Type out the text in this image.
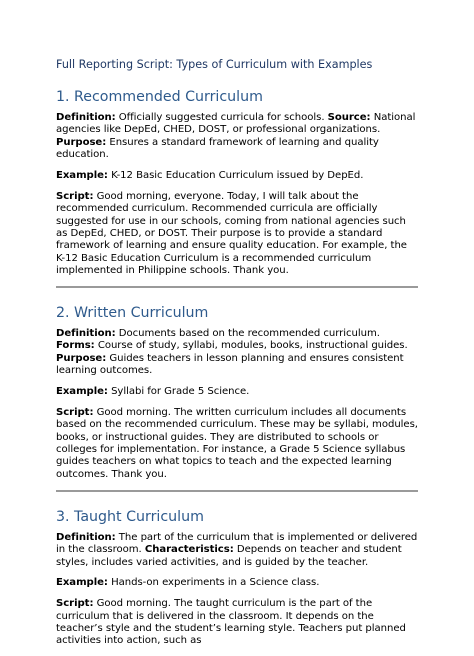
Full Reporting Script: Types of Curriculum with Examples
1. Recommended Curriculum

Definition: Officially suggested curricula for schools. Source: National agencies like DepEd, CHED, DOST, or professional organizations. Purpose: Ensures a standard framework of learning and quality education.

Example: K-12 Basic Education Curriculum issued by DepEd.

Script: Good morning, everyone. Today, I will talk about the recommended curriculum. Recommended curricula are officially suggested for use in our schools, coming from national agencies such as DepEd, CHED, or DOST. Their purpose is to provide a standard framework of learning and ensure quality education. For example, the K-12 Basic Education Curriculum is a recommended curriculum implemented in Philippine schools. Thank you.

2. Written Curriculum

Definition: Documents based on the recommended curriculum. Forms: Course of study, syllabi, modules, books, instructional guides. Purpose: Guides teachers in lesson planning and ensures consistent learning outcomes.

Example: Syllabi for Grade 5 Science.

Script: Good morning. The written curriculum includes all documents based on the recommended curriculum. These may be syllabi, modules, books, or instructional guides. They are distributed to schools or colleges for implementation. For instance, a Grade 5 Science syllabus guides teachers on what topics to teach and the expected learning outcomes. Thank you.

3. Taught Curriculum

Definition: The part of the curriculum that is implemented or delivered in the classroom. Characteristics: Depends on teacher and student styles, includes varied activities, and is guided by the teacher.

Example: Hands-on experiments in a Science class.

Script: Good morning. The taught curriculum is the part of the curriculum that is delivered in the classroom. It depends on the teacher’s style and the student’s learning style. Teachers put planned activities into action, such as
